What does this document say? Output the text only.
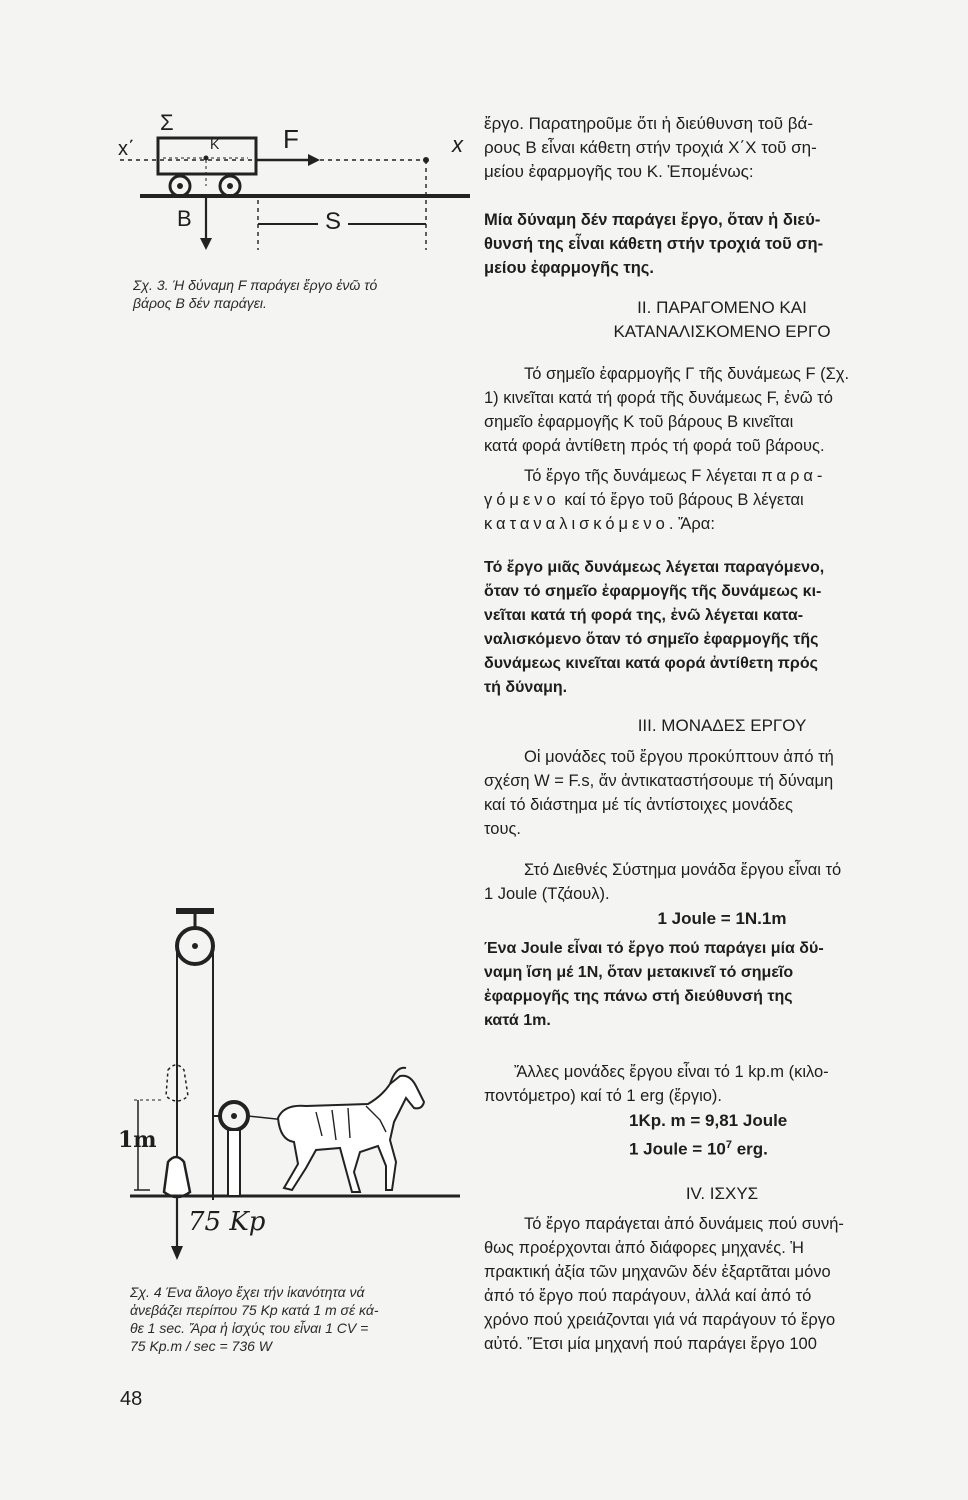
Σ
x΄	Κ F	x
B	S
Σχ. 3. Ή δύναμη F παράγει ἔργο ἐνῶ τό
βάρος B δέν παράγει.
1m
75 Kp
Σχ. 4 Ένα ἄλογο ἔχει τήν ἱκανότητα νά
ἀνεβάζει περίπου 75 Kp κατά 1 m σέ κά-
θε 1 sec. Ἄρα ἡ ἰσχύς του εἶναι 1 CV =
75 Kp.m / sec = 736 W
ἔργο. Παρατηροῦμε ὅτι ἡ διεύθυνση τοῦ βά-
ρους B εἶναι κάθετη στήν τροχιά Χ΄Χ τοῦ ση-
μείου ἐφαρμογῆς του Κ. Ἑπομένως:
Μία δύναμη δέν παράγει ἔργο, ὅταν ἡ διεύ-
θυνσή της εἶναι κάθετη στήν τροχιά τοῦ ση-
μείου ἐφαρμογῆς της.
II. ΠΑΡΑΓΟΜΕΝΟ ΚΑΙ
ΚΑΤΑΝΑΛΙΣΚΟΜΕΝΟ ΕΡΓΟ
Τό σημεῖο ἐφαρμογῆς Γ τῆς δυνάμεως F (Σχ.
1) κινεῖται κατά τή φορά τῆς δυνάμεως F, ἐνῶ τό
σημεῖο ἐφαρμογῆς Κ τοῦ βάρους B κινεῖται
κατά φορά ἀντίθετη πρός τή φορά τοῦ βάρους.
Τό ἔργο τῆς δυνάμεως F λέγεται παρα-
γόμενο καί τό ἔργο τοῦ βάρους B λέγεται
καταναλισκόμενο. Ἄρα:
Τό ἔργο μιᾶς δυνάμεως λέγεται παραγόμενο,
ὅταν τό σημεῖο ἐφαρμογῆς τῆς δυνάμεως κι-
νεῖται κατά τή φορά της, ἐνῶ λέγεται κατα-
ναλισκόμενο ὅταν τό σημεῖο ἐφαρμογῆς τῆς
δυνάμεως κινεῖται κατά φορά ἀντίθετη πρός
τή δύναμη.
III. ΜΟΝΑΔΕΣ ΕΡΓΟΥ
Οἱ μονάδες τοῦ ἔργου προκύπτουν ἀπό τή
σχέση W = F.s, ἄν ἀντικαταστήσουμε τή δύναμη
καί τό διάστημα μέ τίς ἀντίστοιχες μονάδες
τους.
Στό Διεθνές Σύστημα μονάδα ἔργου εἶναι τό
1 Joule (Τζάουλ).
1 Joule = 1N.1m
Ένα Joule εἶναι τό ἔργο πού παράγει μία δύ-
ναμη ἴση μέ 1N, ὅταν μετακινεῖ τό σημεῖο
ἐφαρμογῆς της πάνω στή διεύθυνσή της
κατά 1m.
Ἄλλες μονάδες ἔργου εἶναι τό 1 kp.m (κιλο-
ποντόμετρο) καί τό 1 erg (ἔργιο).
1Kp. m = 9,81 Joule
1 Joule = $10^7$ erg.
IV. ΙΣΧΥΣ
Τό ἔργο παράγεται ἀπό δυνάμεις πού συνή-
θως προέρχονται ἀπό διάφορες μηχανές. Ἡ
πρακτική ἀξία τῶν μηχανῶν δέν ἐξαρτᾶται μόνο
ἀπό τό ἔργο πού παράγουν, ἀλλά καί ἀπό τό
χρόνο πού χρειάζονται γιά νά παράγουν τό ἔργο
αὐτό. Ἔτσι μία μηχανή πού παράγει ἔργο 100
48
